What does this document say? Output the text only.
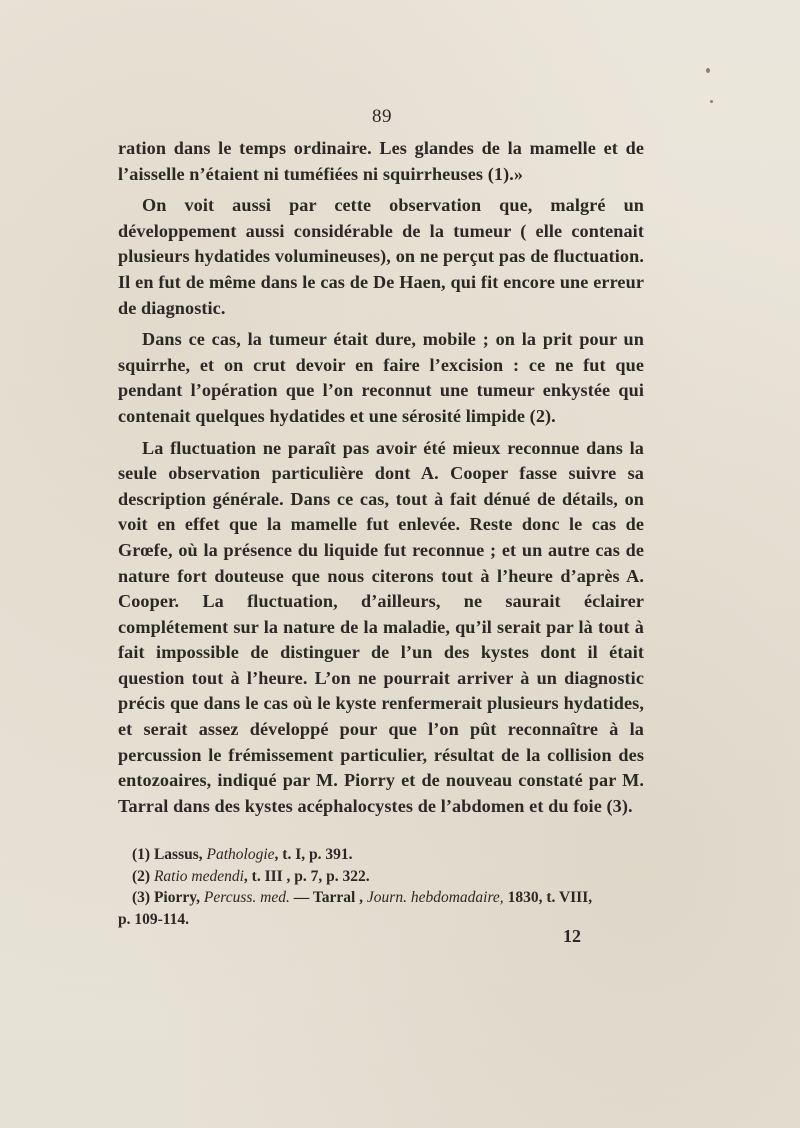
89

ration dans le temps ordinaire. Les glandes de la mamelle et de l’aisselle n’étaient ni tuméfiées ni squirrheuses (1).»

On voit aussi par cette observation que, malgré un développement aussi considérable de la tumeur ( elle contenait plusieurs hydatides volumineuses), on ne perçut pas de fluctuation. Il en fut de même dans le cas de De Haen, qui fit encore une erreur de diagnostic.

Dans ce cas, la tumeur était dure, mobile ; on la prit pour un squirrhe, et on crut devoir en faire l’excision : ce ne fut que pendant l’opération que l’on reconnut une tumeur enkystée qui contenait quelques hydatides et une sérosité limpide (2).

La fluctuation ne paraît pas avoir été mieux reconnue dans la seule observation particulière dont A. Cooper fasse suivre sa description générale. Dans ce cas, tout à fait dénué de détails, on voit en effet que la mamelle fut enlevée. Reste donc le cas de Grœfe, où la présence du liquide fut reconnue ; et un autre cas de nature fort douteuse que nous citerons tout à l’heure d’après A. Cooper. La fluctuation, d’ailleurs, ne saurait éclairer complétement sur la nature de la maladie, qu’il serait par là tout à fait impossible de distinguer de l’un des kystes dont il était question tout à l’heure. L’on ne pourrait arriver à un diagnostic précis que dans le cas où le kyste renfermerait plusieurs hydatides, et serait assez développé pour que l’on pût reconnaître à la percussion le frémissement particulier, résultat de la collision des entozoaires, indiqué par M. Piorry et de nouveau constaté par M. Tarral dans des kystes acéphalocystes de l’abdomen et du foie (3).

(1) Lassus, Pathologie, t. I, p. 391.

(2) Ratio medendi, t. III , p. 7, p. 322.

(3) Piorry, Percuss. med. — Tarral , Journ. hebdomadaire, 1830, t. VIII,

p. 109-114.

12
